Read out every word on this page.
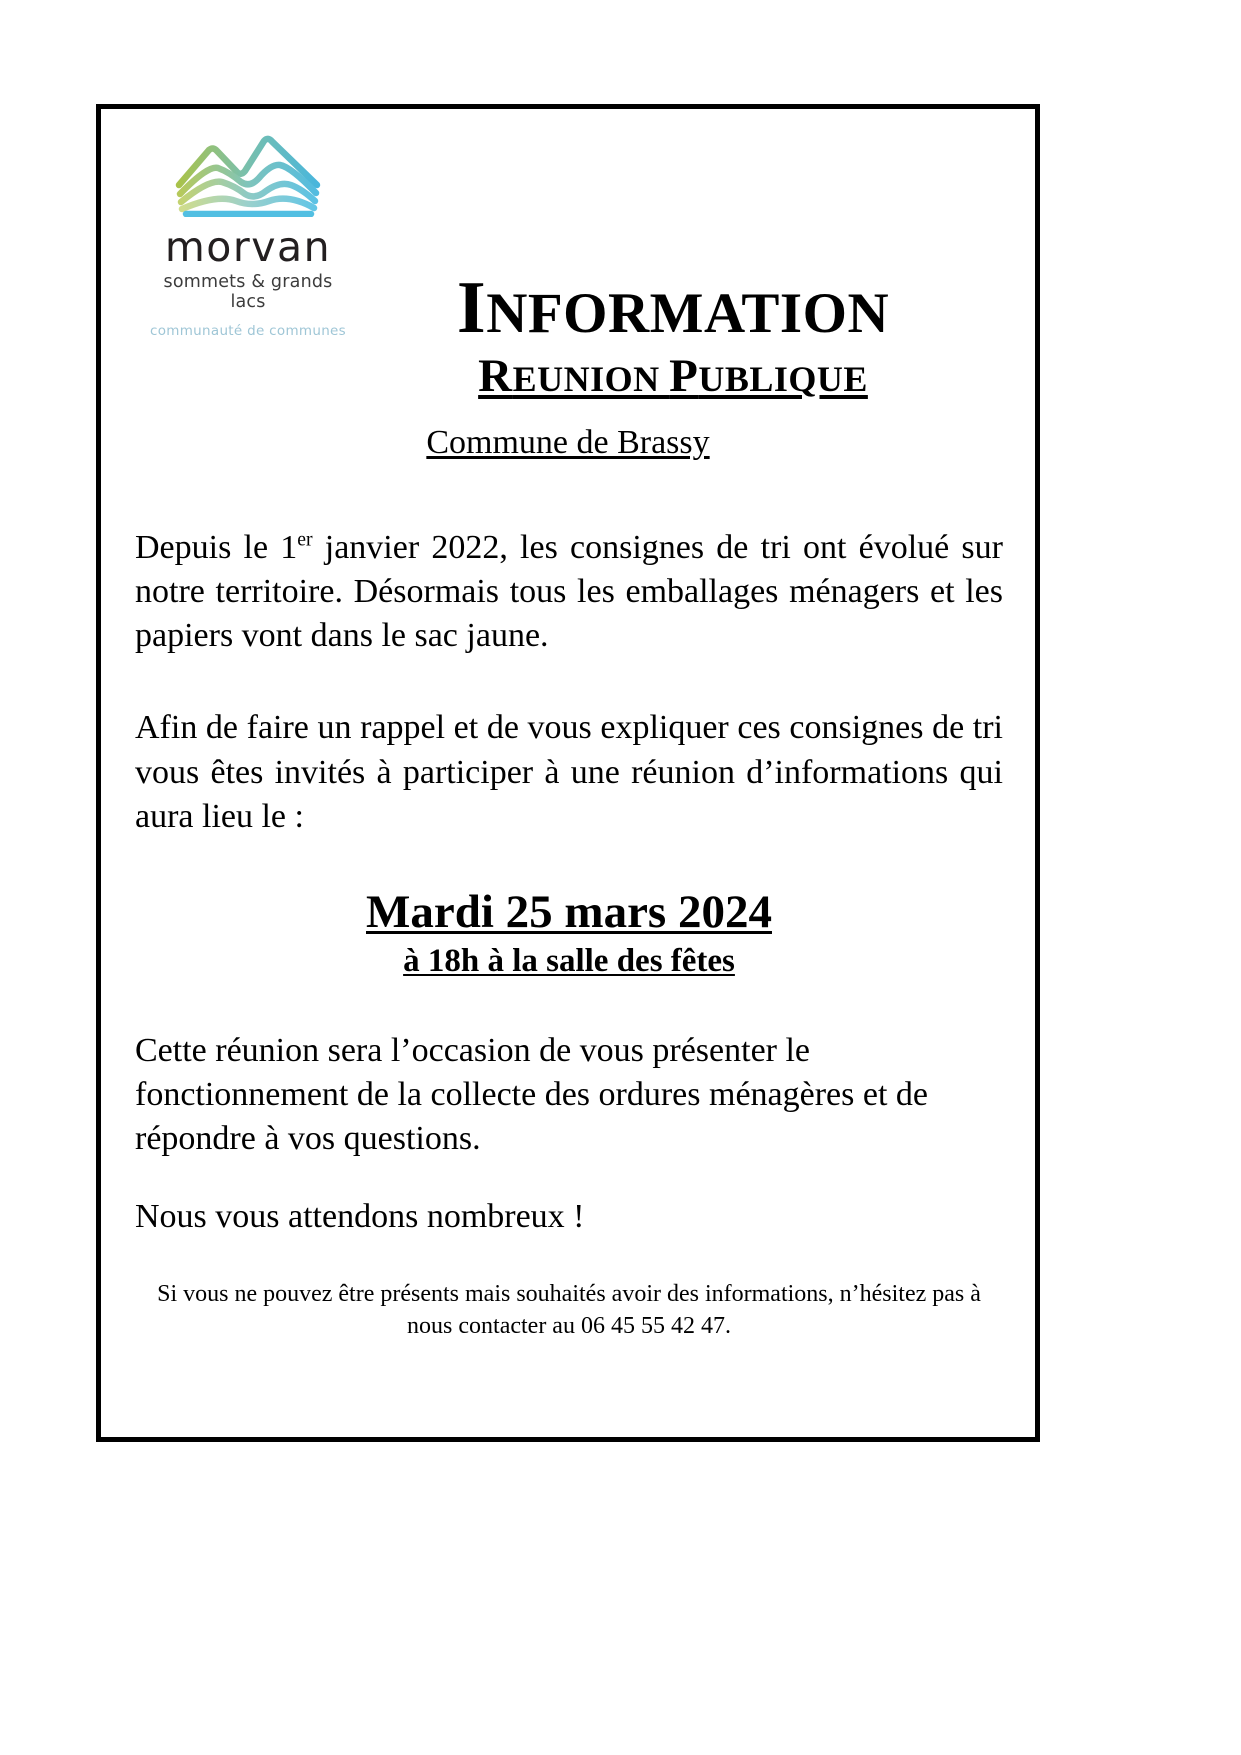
morvan
sommets & grands lacs
communauté de communes	INFORMATION
REUNION PUBLIQUE
Commune de Brassy

Depuis le 1er janvier 2022, les consignes de tri ont évolué sur notre territoire. Désormais tous les emballages ménagers et les papiers vont dans le sac jaune.

Afin de faire un rappel et de vous expliquer ces consignes de tri vous êtes invités à participer à une réunion d’informations qui aura lieu le :

Mardi 25 mars 2024
à 18h à la salle des fêtes

Cette réunion sera l’occasion de vous présenter le fonctionnement de la collecte des ordures ménagères et de répondre à vos questions.

Nous vous attendons nombreux !

Si vous ne pouvez être présents mais souhaités avoir des informations, n’hésitez pas à nous contacter au 06 45 55 42 47.
